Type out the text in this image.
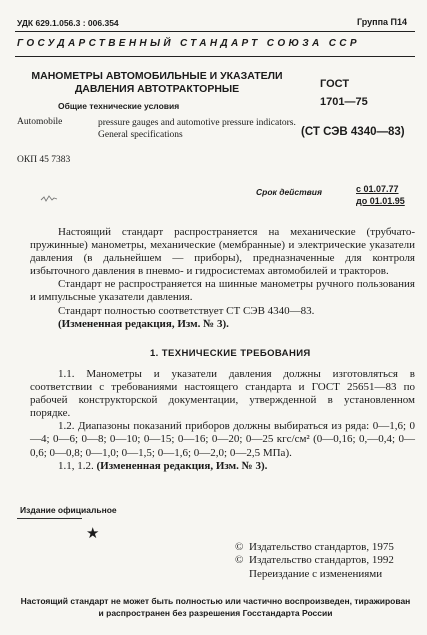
УДК 629.1.056.3 : 006.354	Группа П14
ГОСУДАРСТВЕННЫЙ СТАНДАРТ СОЮЗА ССР
МАНОМЕТРЫ АВТОМОБИЛЬНЫЕ И УКАЗАТЕЛИ ДАВЛЕНИЯ АВТОТРАКТОРНЫЕ
Общие технические условия
Automobile	pressure gauges and automotive pressure indicators. General specifications
ГОСТ
1701—75
(СТ СЭВ 4340—83)
ОКП 45 7383
Срок действия	с 01.07.77
до 01.01.95

Настоящий стандарт распространяется на механические (трубчато-пружинные) манометры, механические (мембранные) и электрические указатели давления (в дальнейшем — приборы), предназначенные для контроля избыточного давления в пневмо- и гидросистемах автомобилей и тракторов.

Стандарт не распространяется на шинные манометры ручного пользования и импульсные указатели давления.

Стандарт полностью соответствует СТ СЭВ 4340—83.

(Измененная редакция, Изм. № 3).

1. ТЕХНИЧЕСКИЕ ТРЕБОВАНИЯ

1.1. Манометры и указатели давления должны изготовляться в соответствии с требованиями настоящего стандарта и ГОСТ 25651—83 по рабочей конструкторской документации, утвержденной в установленном порядке.

1.2. Диапазоны показаний приборов должны выбираться из ряда: 0—1,6; 0—4; 0—6; 0—8; 0—10; 0—15; 0—16; 0—20; 0—25 кгс/см² (0—0,16; 0,—0,4; 0—0,6; 0—0,8; 0—1,0; 0—1,5; 0—1,6; 0—2,0; 0—2,5 МПа).

1.1, 1.2. (Измененная редакция, Изм. № 3).

Издание официальное
★
© Издательство стандартов, 1975
© Издательство стандартов, 1992
Переиздание с изменениями
Настоящий стандарт не может быть полностью или частично воспроизведен, тиражирован и распространен без разрешения Госстандарта России
